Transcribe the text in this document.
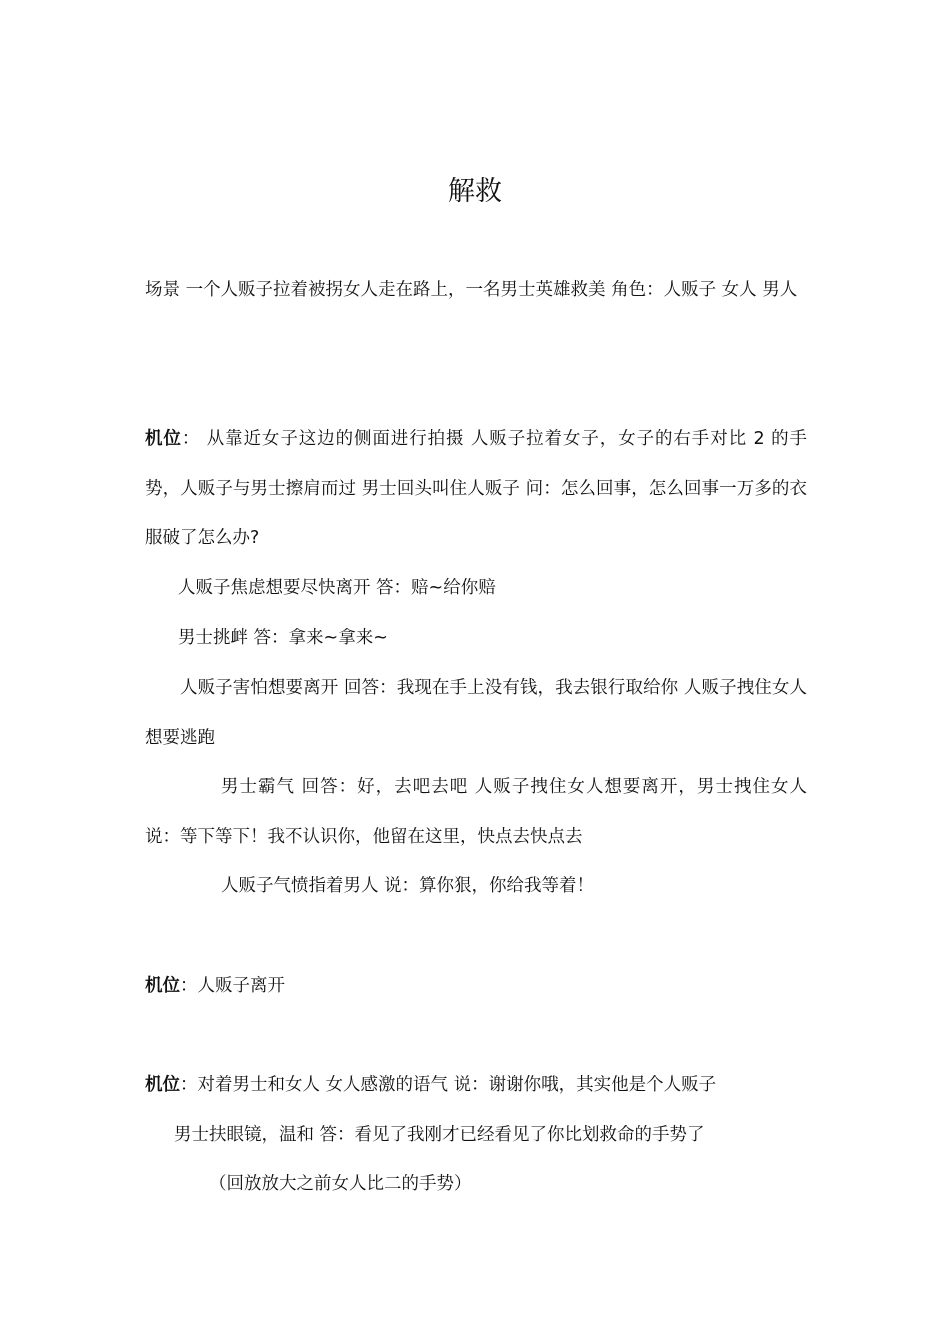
解救

场景 一个人贩子拉着被拐女人走在路上，一名男士英雄救美 角色：人贩子 女人 男人

机位： 从靠近女子这边的侧面进行拍摄 人贩子拉着女子，女子的右手对比 2 的手势，人贩子与男士擦肩而过 男士回头叫住人贩子 问：怎么回事，怎么回事一万多的衣服破了怎么办?

人贩子焦虑想要尽快离开 答：赔~给你赔

男士挑衅 答：拿来~拿来~

人贩子害怕想要离开 回答：我现在手上没有钱，我去银行取给你 人贩子拽住女人想要逃跑

男士霸气 回答：好，去吧去吧 人贩子拽住女人想要离开，男士拽住女人 说：等下等下！我不认识你，他留在这里，快点去快点去

人贩子气愤指着男人 说：算你狠，你给我等着！

机位：人贩子离开

机位：对着男士和女人 女人感激的语气 说：谢谢你哦，其实他是个人贩子

男士扶眼镜，温和 答：看见了我刚才已经看见了你比划救命的手势了

（回放放大之前女人比二的手势）
